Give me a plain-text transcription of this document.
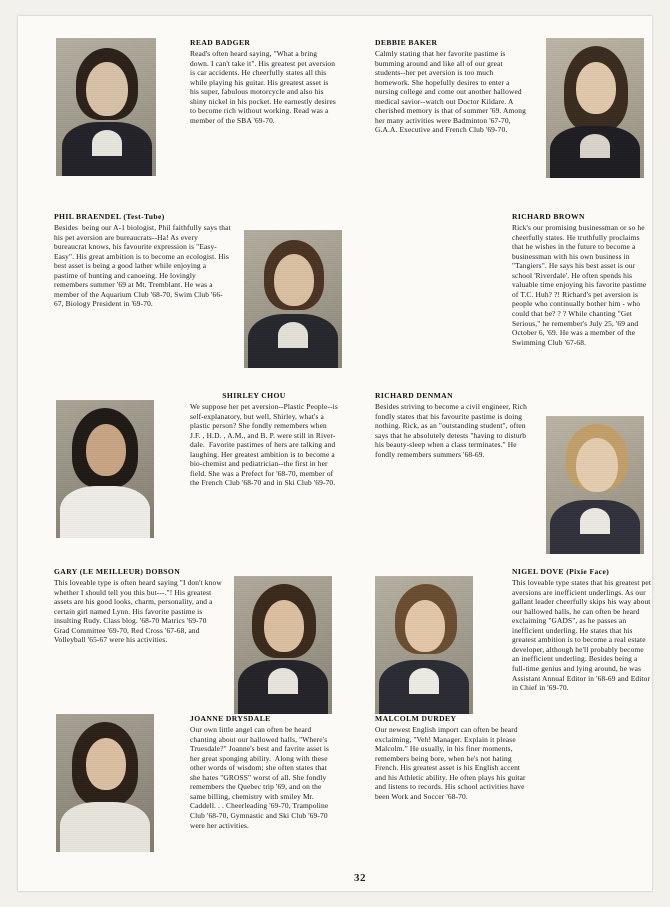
READ BADGER
Read's often heard saying, "What a bring down. I can't take it". His greatest pet aversion is car accidents. He cheerfully states all this while playing his guitar. His greatest asset is his super, fabulous motorcycle and also his  shiny nickel in his pocket. He earnestly desires to become rich without working. Read was a member of the SBA '69-70.
DEBBIE BAKER
Calmly stating that her favorite pastime is bumming around and like all of our great students--her pet aversion is too much homework. She hopefully desires to enter a nursing college and come out another hallowed medical savior--watch out Doctor Kildare. A cherished memory is that of summer '69. Among her many activities were Badminton '67-70, G.A.A. Executive and French Club '69-70.
PHIL BRAENDEL (Test-Tube)
Besides  being our A-1 biologist, Phil faithfully says that his pet aversion are bureaucrats--Ha! As every bureaucrat knows, his favourite expression is "Easy-Easy". His great ambition is to become an ecologist. His best asset is being a good lather while enjoying a pastime of hunting and canoeing. He lovingly remembers summer '69 at Mt. Tremblant. He was a member of the Aquarium Club '68-70, Swim Club '66-67, Biology President in '69-70.
RICHARD BROWN
Rick's our promising businessman or so he cheerfully states. He truthfully proclaims that he wishes in the future to become a businessman with his own business in "Tangiers". He says his best asset is our school 'Riverdale'. He often spends his valuable time enjoying his favorite pastime of T.C. Huh? ?! Richard's pet aversion is people who continually bother him - who could that be? ? ? While chanting "Get Serious," he remember's July 25, '69 and October 6, '69. He was a member of the Swimming Club '67-68.
SHIRLEY CHOU
We suppose her pet aversion--Plastic People--is self-explanatory, but well, Shirley, what's a plastic person? She fondly remembers when J.F. , H.D. , A.M., and B. P. were still in River-dale.  Favorite pastimes of hers are talking and laughing. Her greatest ambition is to become a bio-chemist and pediatrician--the first in her field. She was a Prefect for '68-70, member of the French Club '68-70 and in Ski Club '69-70.
RICHARD DENMAN
Besides striving to become a civil engineer, Rich fondly states that his favourite pastime is doing nothing. Rick, as an "outstanding student", often says that he absolutely detests "having to disturb his beauty-sleep when a class terminates." He fondly remembers summers '68-69.
GARY (LE MEILLEUR) DOBSON
This loveable type is often heard saying "I don't know whether I should tell you this but---."! His greatest assets are his good looks, charm, personality, and a certain girl named Lynn. His favorite pastime is insulting Rudy. Class blog. '68-70 Matrics '69-70 Grad Committee '69-70, Red Cross '67-68, and Volleyball '65-67 were his activities.
NIGEL DOVE (Pixie Face)
This loveable type states that his greatest pet aversions are inefficient underlings. As our gallant leader cheerfully skips his way about our hallowed halls, he can often be heard exclaiming "GADS", as he passes an inefficient underling. He states that his greatest ambition is to become a real estate developer, although he'll probably become an inefficient underling. Besides being a full-time genius and lying around, he was Assistant Annual Editor in '68-69 and Editor in Chief in '69-70.
JOANNE DRYSDALE
Our own little angel can often be heard chanting about our hallowed halls, "Where's Truesdale?" Joanne's best and favrite asset is her great sponging ability.  Along with these other words of wisdom; she often states that she hates "GROSS" worst of all. She fondly remembers the Quebec trip '69, and on the same billing, chemistry with smiley Mr. Caddell. . . Cheerleading '69-70, Trampoline Club '68-70, Gymnastic and Ski Club '69-70 were her activities.
MALCOLM DURDEY
Our newest English import can often be heard exclaiming, "Veh! Manager. Explain it please Malcolm." He usually, in his finer moments, remembers being bore, when he's not hating French. His greatest asset is his English accent and his Athletic ability. He often plays his guitar and listens to records. His school activities have been Work and Soccer '68-70.
32
